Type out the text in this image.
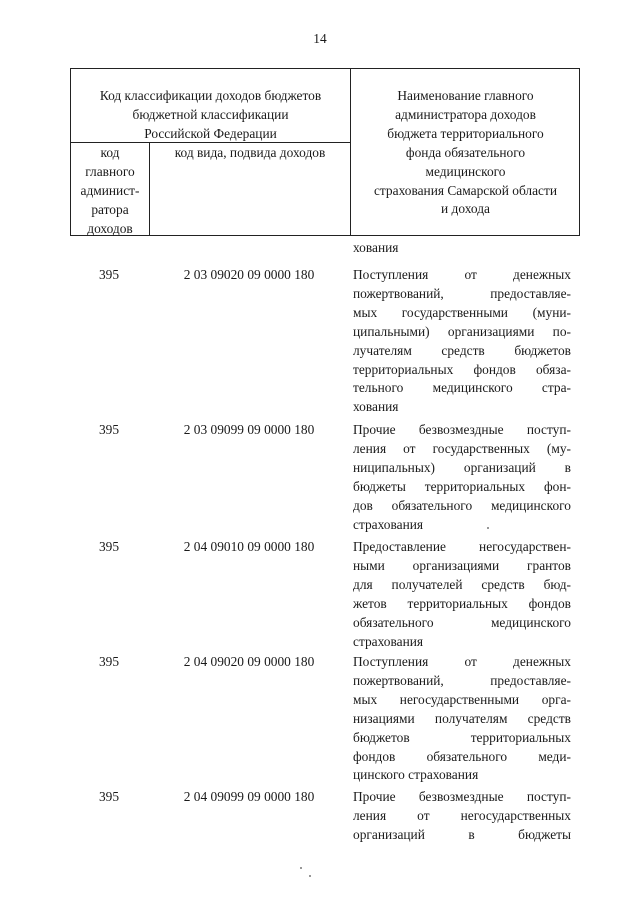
14
Код классификации доходов бюджетов
бюджетной классификации
Российской Федерации
код
главного
админист-
ратора
доходов
код вида, подвида доходов
Наименование главного
администратора доходов
бюджета территориального
фонда обязательного
медицинского
страхования Самарской области
и дохода
хования
395	2 03 09020 09 0000 180	Поступления от денежных
пожертвований, предоставляе-
мых государственными (муни-
ципальными) организациями по-
лучателям средств бюджетов
территориальных фондов обяза-
тельного медицинского стра-
хования
395	2 03 09099 09 0000 180	Прочие безвозмездные поступ-
ления от государственных (му-
ниципальных) организаций в
бюджеты территориальных фон-
дов обязательного медицинского
страхования
395	2 04 09010 09 0000 180	Предоставление негосударствен-
ными организациями грантов
для получателей средств бюд-
жетов территориальных фондов
обязательного медицинского
страхования
395	2 04 09020 09 0000 180	Поступления от денежных
пожертвований, предоставляе-
мых негосударственными орга-
низациями получателям средств
бюджетов территориальных
фондов обязательного меди-
цинского страхования
395	2 04 09099 09 0000 180	Прочие безвозмездные поступ-
ления от негосударственных
организаций в бюджеты
